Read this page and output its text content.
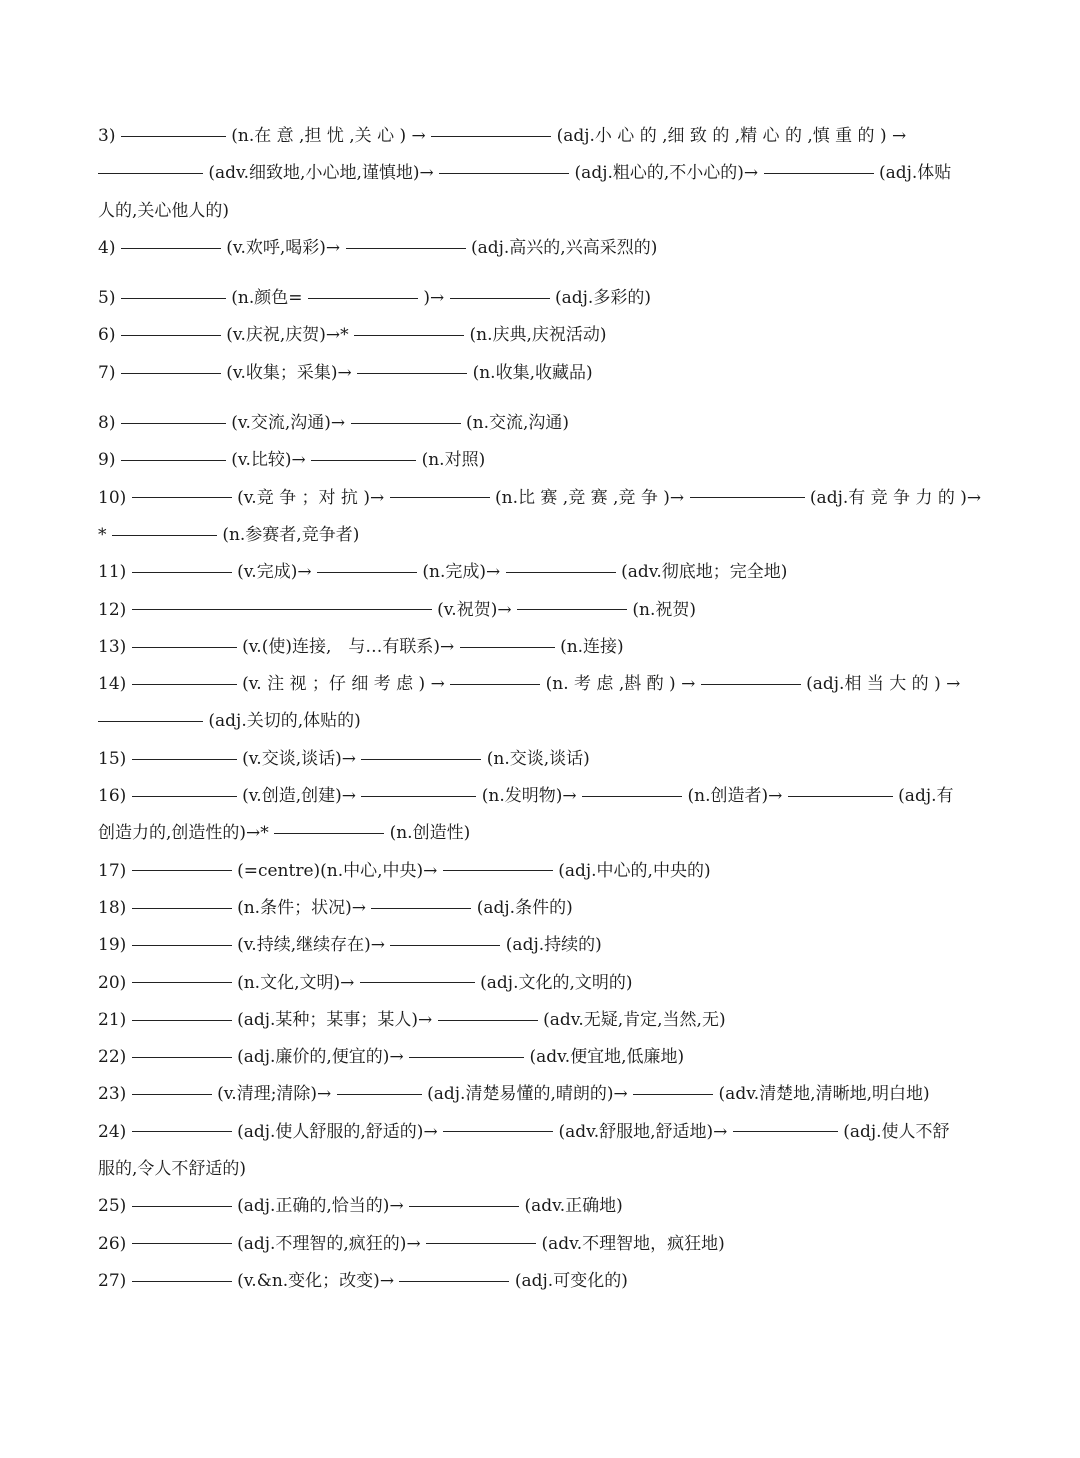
3)	(n.在 意 ,担 忧 ,关 心 ) →	(adj.小 心 的 ,细 致 的 ,精 心 的 ,慎 重 的 ) →
(adv.细致地,小心地,谨慎地)→	(adj.粗心的,不小心的)→	(adj.体贴
人的,关心他人的)
4)	(v.欢呼,喝彩)→	(adj.高兴的,兴高采烈的)
5)	(n.颜色=	)→	(adj.多彩的)
6)	(v.庆祝,庆贺)→*	(n.庆典,庆祝活动)
7)	(v.收集；采集)→	(n.收集,收藏品)
8)	(v.交流,沟通)→	(n.交流,沟通)
9)	(v.比较)→	(n.对照)
10)	(v.竞 争 ；对 抗 )→	(n.比 赛 ,竞 赛 ,竞 争 )→	(adj.有 竞 争 力 的 )→
*	(n.参赛者,竞争者)
11)	(v.完成)→	(n.完成)→	(adv.彻底地；完全地)
12)	(v.祝贺)→	(n.祝贺)
13)	(v.(使)连接,　与…有联系)→	(n.连接)
14)	(v. 注 视 ；仔 细 考 虑 ) →	(n. 考 虑 ,斟 酌 ) →	(adj.相 当 大 的 ) →
(adj.关切的,体贴的)
15)	(v.交谈,谈话)→	(n.交谈,谈话)
16)	(v.创造,创建)→	(n.发明物)→	(n.创造者)→	(adj.有
创造力的,创造性的)→*	(n.创造性)
17)	(=centre)(n.中心,中央)→	(adj.中心的,中央的)
18)	(n.条件；状况)→	(adj.条件的)
19)	(v.持续,继续存在)→	(adj.持续的)
20)	(n.文化,文明)→	(adj.文化的,文明的)
21)	(adj.某种；某事；某人)→	(adv.无疑,肯定,当然,无)
22)	(adj.廉价的,便宜的)→	(adv.便宜地,低廉地)
23)	(v.清理;清除)→	(adj.清楚易懂的,晴朗的)→	(adv.清楚地,清晰地,明白地)
24)	(adj.使人舒服的,舒适的)→	(adv.舒服地,舒适地)→	(adj.使人不舒
服的,令人不舒适的)
25)	(adj.正确的,恰当的)→	(adv.正确地)
26)	(adj.不理智的,疯狂的)→	(adv.不理智地，疯狂地)
27)	(v.&n.变化；改变)→	(adj.可变化的)
